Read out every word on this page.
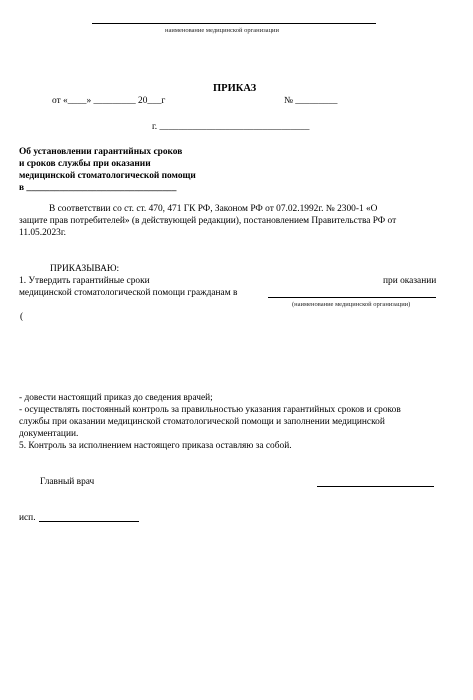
наименование медицинской организации
ПРИКАЗ
от «____» _________ 20___г	№ _________
г. ________________________________
Об установлении гарантийных сроков
и сроков службы при оказании
медицинской стоматологической помощи
в ________________________________
В соответствии со ст. ст. 470, 471 ГК РФ, Законом РФ от 07.02.1992г. № 2300-1 «О
защите прав потребителей» (в действующей редакции), постановлением Правительства РФ от
11.05.2023г.
ПРИКАЗЫВАЮ:
1. Утвердить гарантийные сроки	при оказании
медицинской стоматологической помощи гражданам в
(наименование медицинской организации)
(
- довести настоящий приказ до сведения врачей;
- осуществлять постоянный контроль за правильностью указания гарантийных сроков и сроков
службы при оказании медицинской стоматологической помощи и заполнении медицинской
документации.
5. Контроль за исполнением настоящего приказа оставляю за собой.
Главный врач
исп.
